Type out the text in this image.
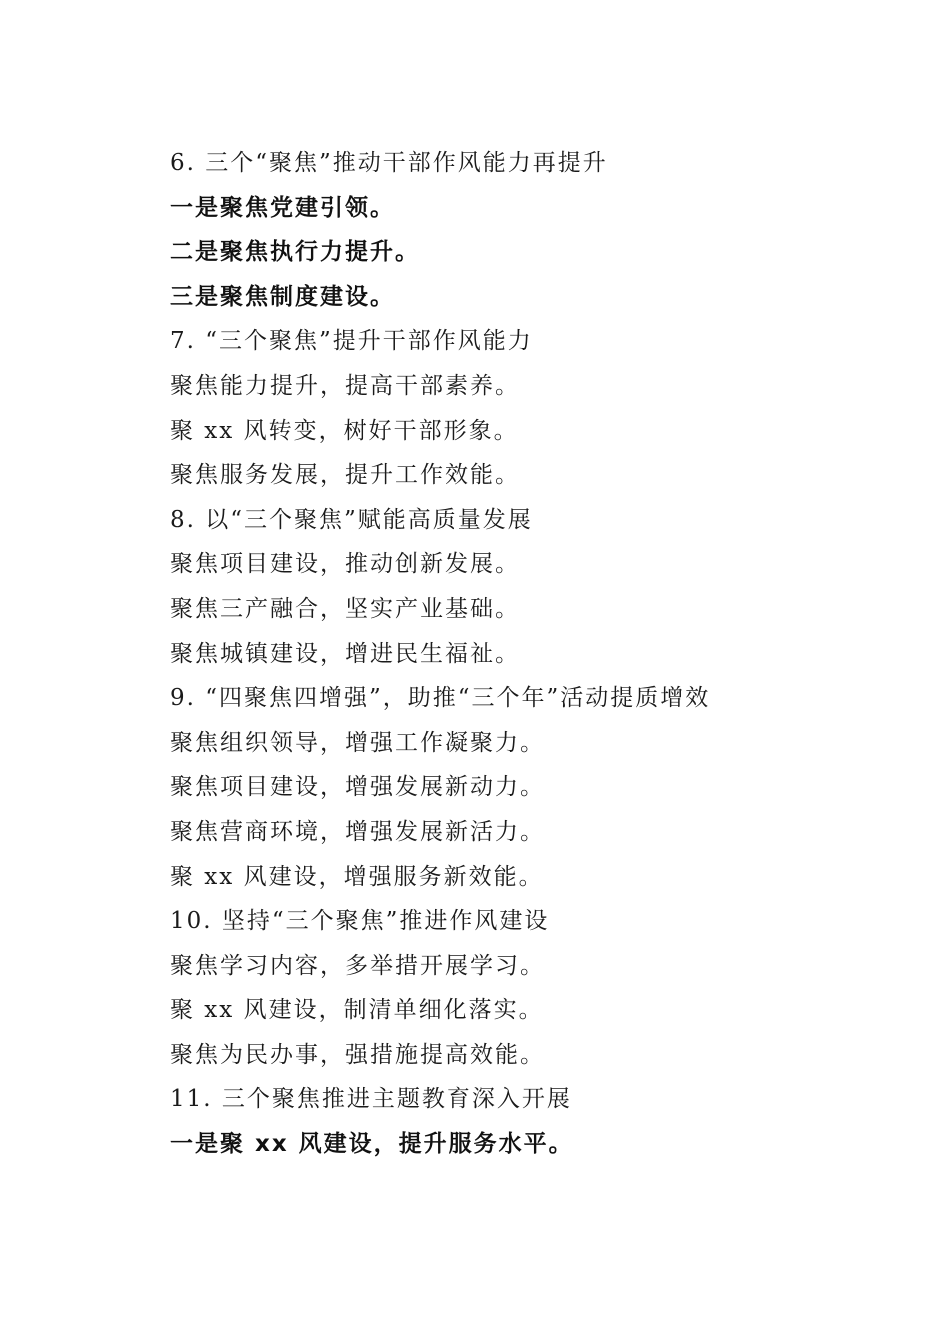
6. 三个“聚焦”推动干部作风能力再提升
一是聚焦党建引领。
二是聚焦执行力提升。
三是聚焦制度建设。
7. “三个聚焦”提升干部作风能力
聚焦能力提升，提高干部素养。
聚 xx 风转变，树好干部形象。
聚焦服务发展，提升工作效能。
8. 以“三个聚焦”赋能高质量发展
聚焦项目建设，推动创新发展。
聚焦三产融合，坚实产业基础。
聚焦城镇建设，增进民生福祉。
9. “四聚焦四增强”，助推“三个年”活动提质增效
聚焦组织领导，增强工作凝聚力。
聚焦项目建设，增强发展新动力。
聚焦营商环境，增强发展新活力。
聚 xx 风建设，增强服务新效能。
10. 坚持“三个聚焦”推进作风建设
聚焦学习内容，多举措开展学习。
聚 xx 风建设，制清单细化落实。
聚焦为民办事，强措施提高效能。
11. 三个聚焦推进主题教育深入开展
一是聚 xx 风建设，提升服务水平。
